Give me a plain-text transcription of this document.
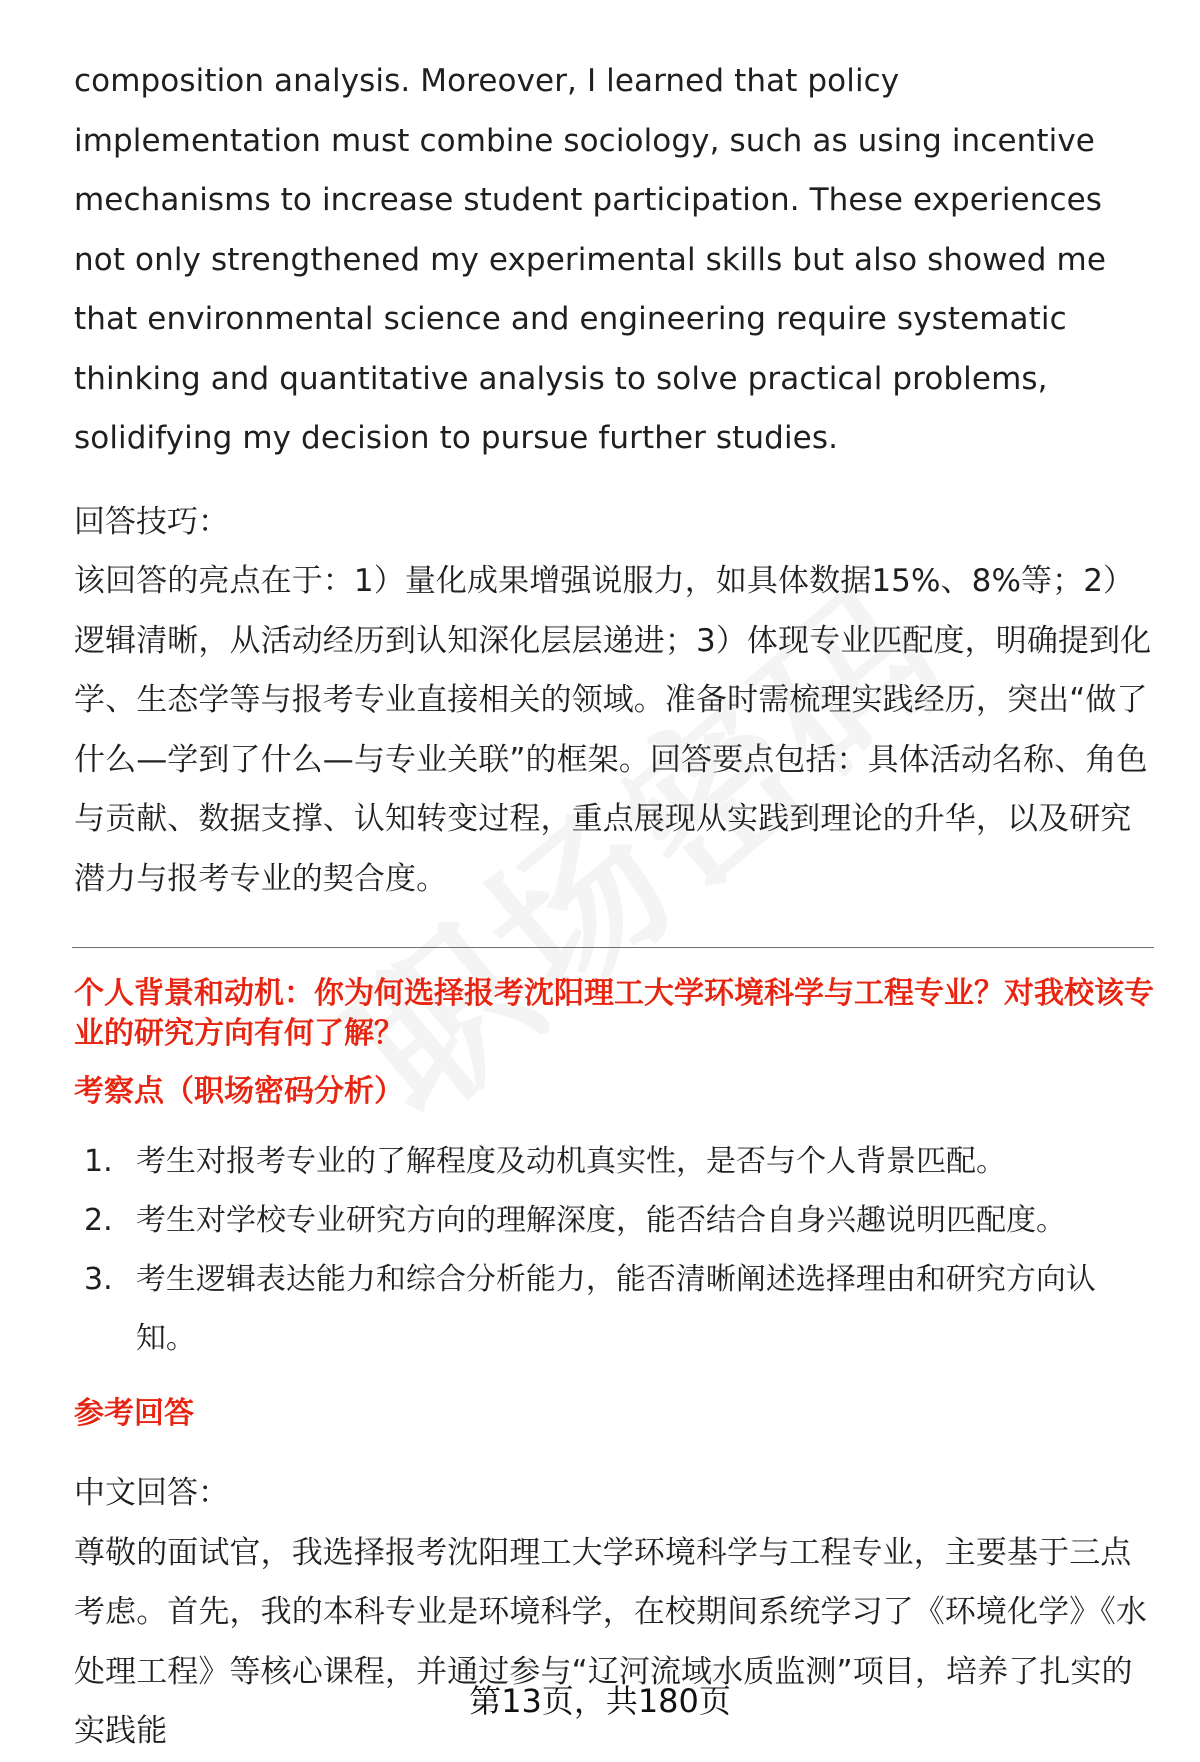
composition analysis. Moreover, I learned that policy implementation must combine sociology, such as using incentive mechanisms to increase student participation. These experiences not only strengthened my experimental skills but also showed me that environmental science and engineering require systematic thinking and quantitative analysis to solve practical problems, solidifying my decision to pursue further studies.

回答技巧：

该回答的亮点在于：1）量化成果增强说服力，如具体数据15%、8%等；2）逻辑清晰，从活动经历到认知深化层层递进；3）体现专业匹配度，明确提到化学、生态学等与报考专业直接相关的领域。准备时需梳理实践经历，突出“做了什么—学到了什么—与专业关联”的框架。回答要点包括：具体活动名称、角色与贡献、数据支撑、认知转变过程，重点展现从实践到理论的升华，以及研究潜力与报考专业的契合度。

个人背景和动机：你为何选择报考沈阳理工大学环境科学与工程专业？对我校该专业的研究方向有何了解？

考察点（职场密码分析）

1. 考生对报考专业的了解程度及动机真实性，是否与个人背景匹配。
2. 考生对学校专业研究方向的理解深度，能否结合自身兴趣说明匹配度。
3. 考生逻辑表达能力和综合分析能力，能否清晰阐述选择理由和研究方向认知。

参考回答

中文回答：

尊敬的面试官，我选择报考沈阳理工大学环境科学与工程专业，主要基于三点考虑。首先，我的本科专业是环境科学，在校期间系统学习了《环境化学》《水处理工程》等核心课程，并通过参与“辽河流域水质监测”项目，培养了扎实的实践能

第13页，共180页
